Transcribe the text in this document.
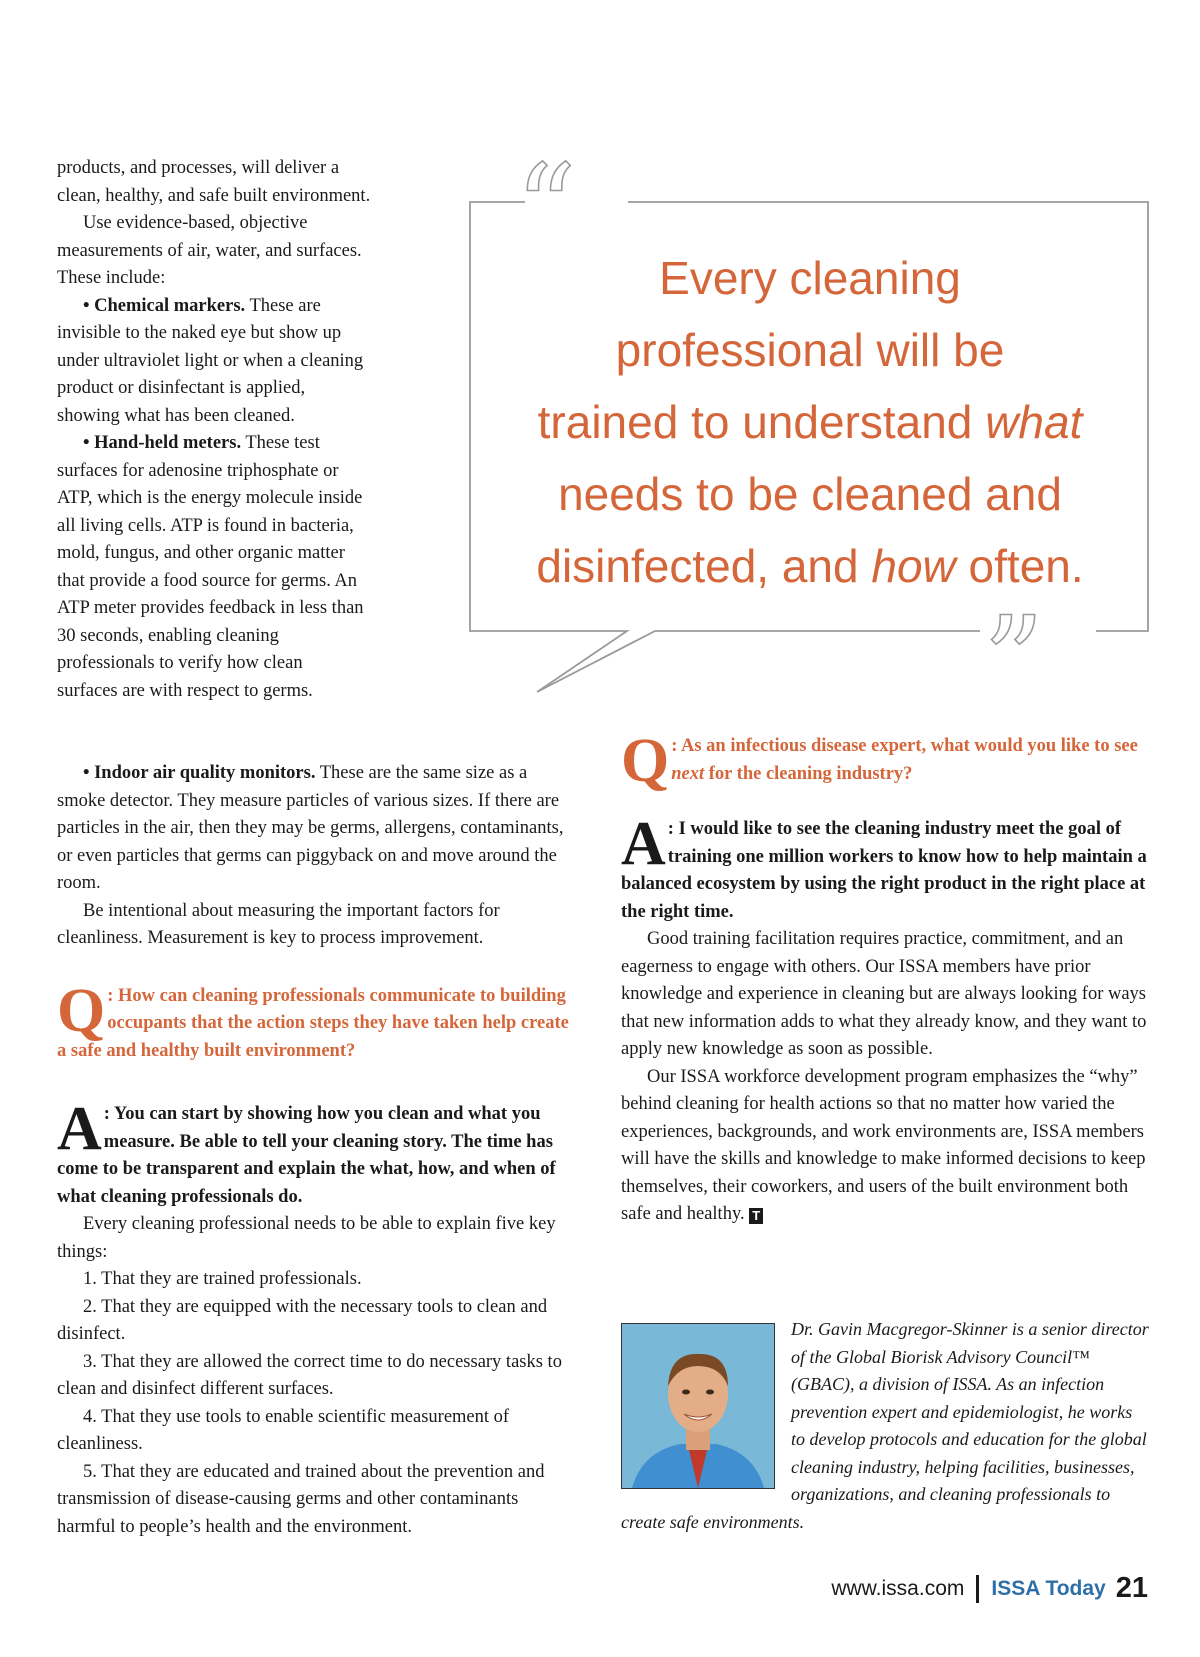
products, and processes, will deliver a clean, healthy, and safe built environment.

Use evidence-based, objective measurements of air, water, and surfaces. These include:

• Chemical markers. These are invisible to the naked eye but show up under ultraviolet light or when a cleaning product or disinfectant is applied, showing what has been cleaned.

• Hand-held meters. These test surfaces for adenosine triphosphate or ATP, which is the energy molecule inside all living cells. ATP is found in bacteria, mold, fungus, and other organic matter that provide a food source for germs. An ATP meter provides feedback in less than 30 seconds, enabling cleaning professionals to verify how clean surfaces are with respect to germs.

• Indoor air quality monitors. These are the same size as a smoke detector. They measure particles of various sizes. If there are particles in the air, then they may be germs, allergens, contaminants, or even particles that germs can piggyback on and move around the room.

Be intentional about measuring the important factors for cleanliness. Measurement is key to process improvement.

Q : How can cleaning professionals communicate to building occupants that the action steps they have taken help create a safe and healthy built environment?
A : You can start by showing how you clean and what you measure. Be able to tell your cleaning story. The time has come to be transparent and explain the what, how, and when of what cleaning professionals do.

Every cleaning professional needs to be able to explain five key things:

1. That they are trained professionals.

2. That they are equipped with the necessary tools to clean and disinfect.

3. That they are allowed the correct time to do necessary tasks to clean and disinfect different surfaces.

4. That they use tools to enable scientific measurement of cleanliness.

5. That they are educated and trained about the prevention and transmission of disease-causing germs and other contaminants harmful to people’s health and the environment.

“
”
Every cleaning
professional will be
trained to understand what
needs to be cleaned and
disinfected, and how often.
Q : As an infectious disease expert, what would you like to see next for the cleaning industry?
A : I would like to see the cleaning industry meet the goal of training one million workers to know how to help maintain a balanced ecosystem by using the right product in the right place at the right time.

Good training facilitation requires practice, commitment, and an eagerness to engage with others. Our ISSA members have prior knowledge and experience in cleaning but are always looking for ways that new information adds to what they already know, and they want to apply new knowledge as soon as possible.

Our ISSA workforce development program emphasizes the “why” behind cleaning for health actions so that no matter how varied the experiences, backgrounds, and work environments are, ISSA members will have the skills and knowledge to make informed decisions to keep themselves, their coworkers, and users of the built environment both safe and healthy. T

Dr. Gavin Macgregor-Skinner is a senior director of the Global Biorisk Advisory Council™ (GBAC), a division of ISSA. As an infection prevention expert and epidemiologist, he works to develop protocols and education for the global cleaning industry, helping facilities, businesses, organizations, and cleaning professionals to create safe environments.
www.issa.com ISSA Today 21
